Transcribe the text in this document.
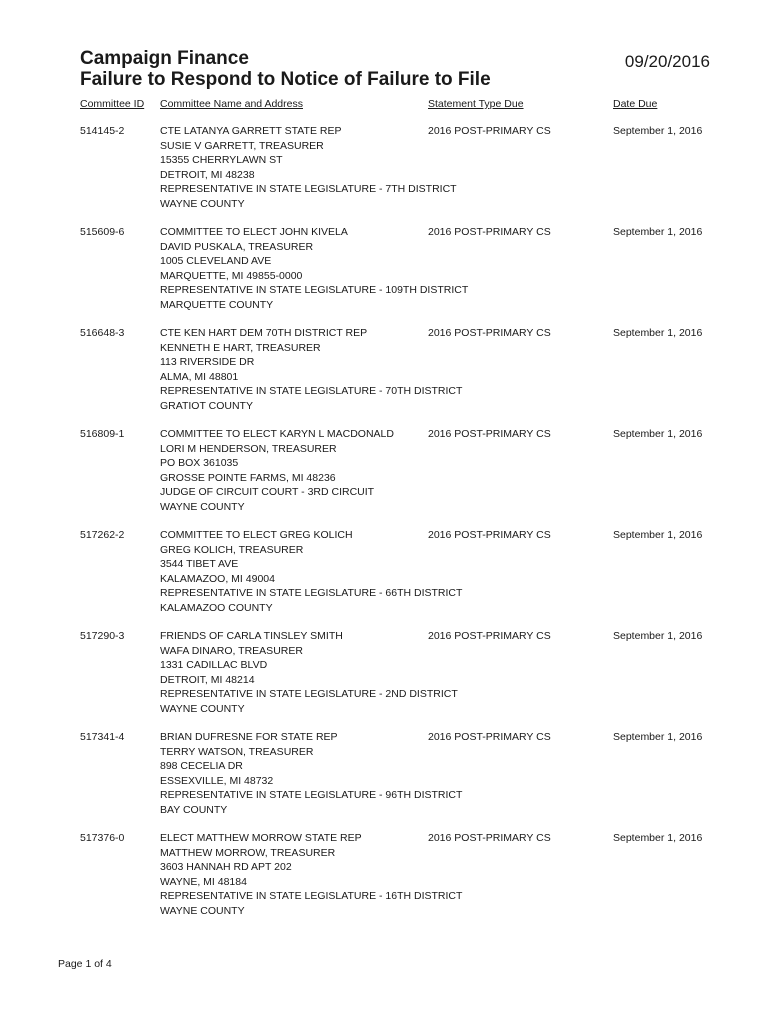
Campaign Finance
Failure to Respond to Notice of Failure to File
09/20/2016
Committee ID Committee Name and Address	Statement Type Due	Date Due
514145-2	CTE LATANYA GARRETT STATE REP
SUSIE V GARRETT, TREASURER
15355 CHERRYLAWN ST
DETROIT, MI 48238
REPRESENTATIVE IN STATE LEGISLATURE - 7TH DISTRICT
WAYNE COUNTY
2016 POST-PRIMARY CS	September 1, 2016
515609-6	COMMITTEE TO ELECT JOHN KIVELA
DAVID PUSKALA, TREASURER
1005 CLEVELAND AVE
MARQUETTE, MI 49855-0000
REPRESENTATIVE IN STATE LEGISLATURE - 109TH DISTRICT
MARQUETTE COUNTY
2016 POST-PRIMARY CS	September 1, 2016
516648-3	CTE KEN HART DEM 70TH DISTRICT REP
KENNETH E HART, TREASURER
113 RIVERSIDE DR
ALMA, MI 48801
REPRESENTATIVE IN STATE LEGISLATURE - 70TH DISTRICT
GRATIOT COUNTY
2016 POST-PRIMARY CS	September 1, 2016
516809-1	COMMITTEE TO ELECT KARYN L MACDONALD
LORI M HENDERSON, TREASURER
PO BOX 361035
GROSSE POINTE FARMS, MI 48236
JUDGE OF CIRCUIT COURT - 3RD CIRCUIT
WAYNE COUNTY
2016 POST-PRIMARY CS	September 1, 2016
517262-2	COMMITTEE TO ELECT GREG KOLICH
GREG KOLICH, TREASURER
3544 TIBET AVE
KALAMAZOO, MI 49004
REPRESENTATIVE IN STATE LEGISLATURE - 66TH DISTRICT
KALAMAZOO COUNTY
2016 POST-PRIMARY CS	September 1, 2016
517290-3	FRIENDS OF CARLA TINSLEY SMITH
WAFA DINARO, TREASURER
1331 CADILLAC BLVD
DETROIT, MI 48214
REPRESENTATIVE IN STATE LEGISLATURE - 2ND DISTRICT
WAYNE COUNTY
2016 POST-PRIMARY CS	September 1, 2016
517341-4	BRIAN DUFRESNE FOR STATE REP
TERRY WATSON, TREASURER
898 CECELIA DR
ESSEXVILLE, MI 48732
REPRESENTATIVE IN STATE LEGISLATURE - 96TH DISTRICT
BAY COUNTY
2016 POST-PRIMARY CS	September 1, 2016
517376-0	ELECT MATTHEW MORROW STATE REP
MATTHEW MORROW, TREASURER
3603 HANNAH RD APT 202
WAYNE, MI 48184
REPRESENTATIVE IN STATE LEGISLATURE - 16TH DISTRICT
WAYNE COUNTY
2016 POST-PRIMARY CS	September 1, 2016
Page 1 of 4
